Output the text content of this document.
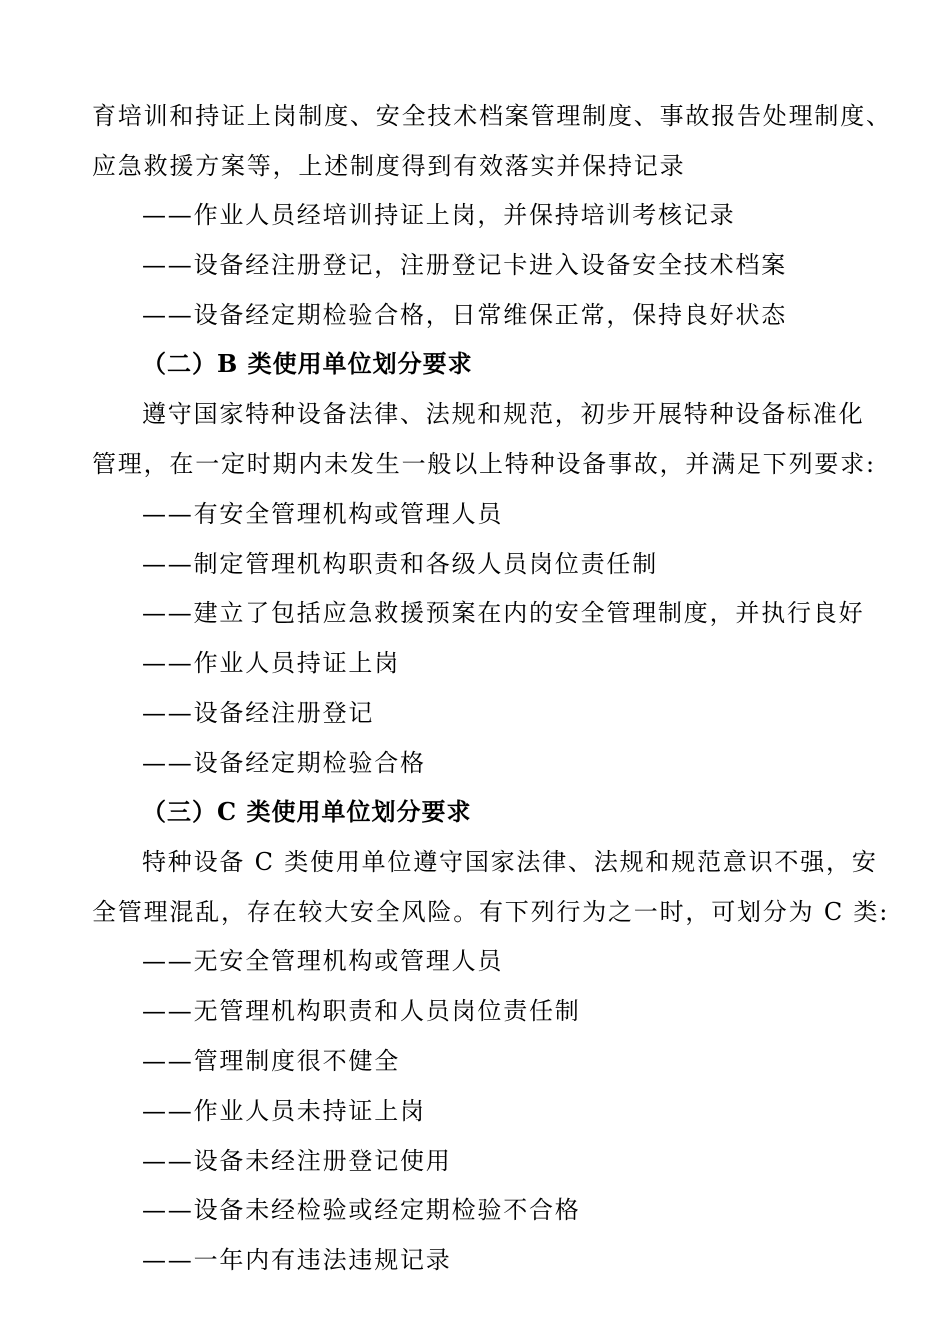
育培训和持证上岗制度、安全技术档案管理制度、事故报告处理制度、
应急救援方案等，上述制度得到有效落实并保持记录
——作业人员经培训持证上岗，并保持培训考核记录
——设备经注册登记，注册登记卡进入设备安全技术档案
——设备经定期检验合格，日常维保正常，保持良好状态
（二）B 类使用单位划分要求
遵守国家特种设备法律、法规和规范，初步开展特种设备标准化
管理，在一定时期内未发生一般以上特种设备事故，并满足下列要求:
——有安全管理机构或管理人员
——制定管理机构职责和各级人员岗位责任制
——建立了包括应急救援预案在内的安全管理制度，并执行良好
——作业人员持证上岗
——设备经注册登记
——设备经定期检验合格
（三）C 类使用单位划分要求
特种设备 C 类使用单位遵守国家法律、法规和规范意识不强，安
全管理混乱，存在较大安全风险。有下列行为之一时，可划分为 C 类:
——无安全管理机构或管理人员
——无管理机构职责和人员岗位责任制
——管理制度很不健全
——作业人员未持证上岗
——设备未经注册登记使用
——设备未经检验或经定期检验不合格
——一年内有违法违规记录
